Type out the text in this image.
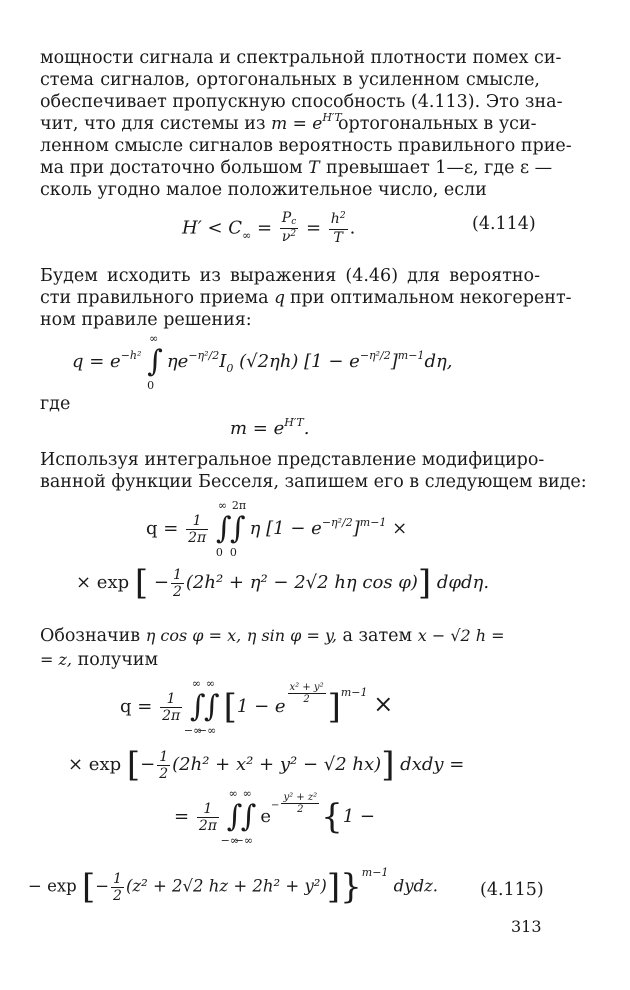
мощности сигнала и спектральной плотности помех си-
стема сигналов, ортогональных в усиленном смысле,
обеспечивает пропускную способность (4.113). Это зна-
чит, что для системы из $m = e^{H'T}$
ортогональных в уси-
ленном смысле сигналов вероятность правильного прие-
ма при достаточно большом T превышает 1—ε, где ε —
сколь угодно малое положительное число, если
$H' < C_\infty = \frac{Pc}{\nu^2} = \frac{h^2}{T}$ .	(4.114)
Будем исходить из выражения (4.46) для вероятно-
сти правильного приема q при оптимальном некогерент-
ном правиле решения:
$q = e^{-h^2}$ ∫
∞
0
$\eta e^{-\eta^2/2}I_0$ (√2ηh) $[1 - e^{-\eta^2/2}]^{m-1}d\eta$,
где
$m = e^{H'T}$.
Используя интегральное представление модифициро-
ванной функции Бесселя, запишем его в следующем виде:
$q = \frac{1}{2\pi}$ ∫
∞
0
∫
2π
0
η $[1 - e^{-\eta^2/2}]^{m-1}$ ×
× exp [ − $\frac{1}{2} (2h^2 + \eta^2 - 2√2$ hη cos φ)] dφdη.
Обозначив η cos φ = x, η sin φ = y, а затем x − √2 h =
= z, получим
$q = \frac{1}{2\pi}$ ∫
∞
−∞
∫
∞
−∞
[1 − e
$\frac{\text{x² + y²}}{2} ]^{m-1}$ ×
× exp [− $\frac{1}{2} (2h^2 + x^2 + y^2 - √2$ hx)] dxdy =
= $\frac{1}{2\pi}$ ∫
∞
−∞
∫
∞
−∞
$e^- \frac{\text{y² + z²}}{2} \{1$ −
− exp [− $\frac{1}{2} (z^2 + 2√2$ hz + 2h² + y²)]}$^{m-1}$ dydz. (4.115)
313
